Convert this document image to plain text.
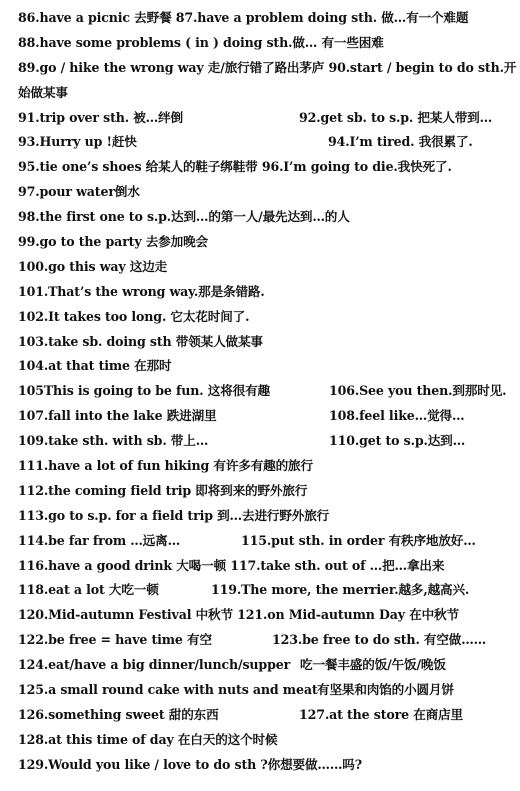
86.have a picnic 去野餐 87.have a problem doing sth. 做…有一个难题
88.have some problems ( in ) doing sth.做… 有一些困难
89.go / hike the wrong way 走/旅行错了路出茅庐 90.start / begin to do sth.开
始做某事
91.trip over sth. 被…绊倒	92.get sb. to s.p. 把某人带到…
93.Hurry up !赶快	94.I’m tired. 我很累了.
95.tie one’s shoes 给某人的鞋子绑鞋带 96.I’m going to die.我快死了.
97.pour water倒水
98.the first one to s.p.达到…的第一人/最先达到…的人
99.go to the party 去参加晚会
100.go this way 这边走
101.That’s the wrong way.那是条错路.
102.It takes too long. 它太花时间了.
103.take sb. doing sth 带领某人做某事
104.at that time 在那时
105This is going to be fun. 这将很有趣	106.See you then.到那时见.
107.fall into the lake 跌进湖里	108.feel like…觉得…
109.take sth. with sb. 带上…	110.get to s.p.达到…
111.have a lot of fun hiking 有许多有趣的旅行
112.the coming field trip 即将到来的野外旅行
113.go to s.p. for a field trip 到…去进行野外旅行
114.be far from …远离…	115.put sth. in order 有秩序地放好…
116.have a good drink 大喝一顿 117.take sth. out of …把…拿出来
118.eat a lot 大吃一顿	119.The more, the merrier.越多,越高兴.
120.Mid-autumn Festival 中秋节 121.on Mid-autumn Day 在中秋节
122.be free = have time 有空	123.be free to do sth. 有空做……
124.eat/have a big dinner/lunch/supper 吃一餐丰盛的饭/午饭/晚饭
125.a small round cake with nuts and meat 有坚果和肉馅的小圆月饼
126.something sweet 甜的东西	127.at the store 在商店里
128.at this time of day 在白天的这个时候
129.Would you like / love to do sth ?你想要做……吗?
